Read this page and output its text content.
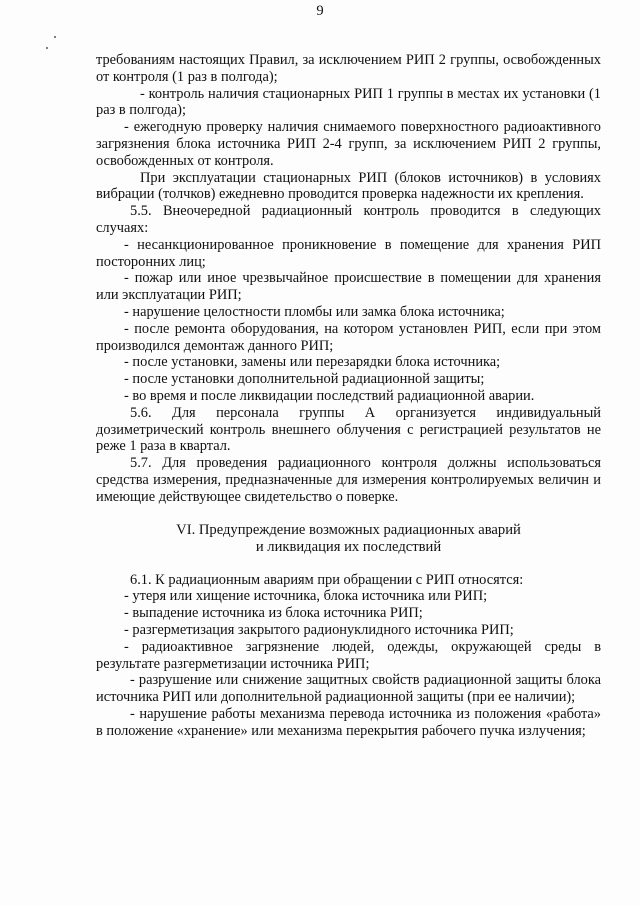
9

требованиям настоящих Правил, за исключением РИП 2 группы, освобожденных от контроля (1 раз в полгода);

- контроль наличия стационарных РИП 1 группы в местах их установки (1 раз в полгода);

- ежегодную проверку наличия снимаемого поверхностного радиоактивного загрязнения блока источника РИП 2-4 групп, за исключением РИП 2 группы, освобожденных от контроля.

При эксплуатации стационарных РИП (блоков источников) в условиях вибрации (толчков) ежедневно проводится проверка надежности их крепления.

5.5. Внеочередной радиационный контроль проводится в следующих случаях:

- несанкционированное проникновение в помещение для хранения РИП посторонних лиц;

- пожар или иное чрезвычайное происшествие в помещении для хранения или эксплуатации РИП;

- нарушение целостности пломбы или замка блока источника;

- после ремонта оборудования, на котором установлен РИП, если при этом производился демонтаж данного РИП;

- после установки, замены или перезарядки блока источника;

- после установки дополнительной радиационной защиты;

- во время и после ликвидации последствий радиационной аварии.

5.6. Для персонала группы А организуется индивидуальный дозиметрический контроль внешнего облучения с регистрацией результатов не реже 1 раза в квартал.

5.7. Для проведения радиационного контроля должны использоваться средства измерения, предназначенные для измерения контролируемых величин и имеющие действующее свидетельство о поверке.

VI. Предупреждение возможных радиационных аварий

и ликвидация их последствий

6.1. К радиационным авариям при обращении с РИП относятся:

- утеря или хищение источника, блока источника или РИП;

- выпадение источника из блока источника РИП;

- разгерметизация закрытого радионуклидного источника РИП;

- радиоактивное загрязнение людей, одежды, окружающей среды в результате разгерметизации источника РИП;

- разрушение или снижение защитных свойств радиационной защиты блока источника РИП или дополнительной радиационной защиты (при ее наличии);

- нарушение работы механизма перевода источника из положения «работа» в положение «хранение» или механизма перекрытия рабочего пучка излучения;
